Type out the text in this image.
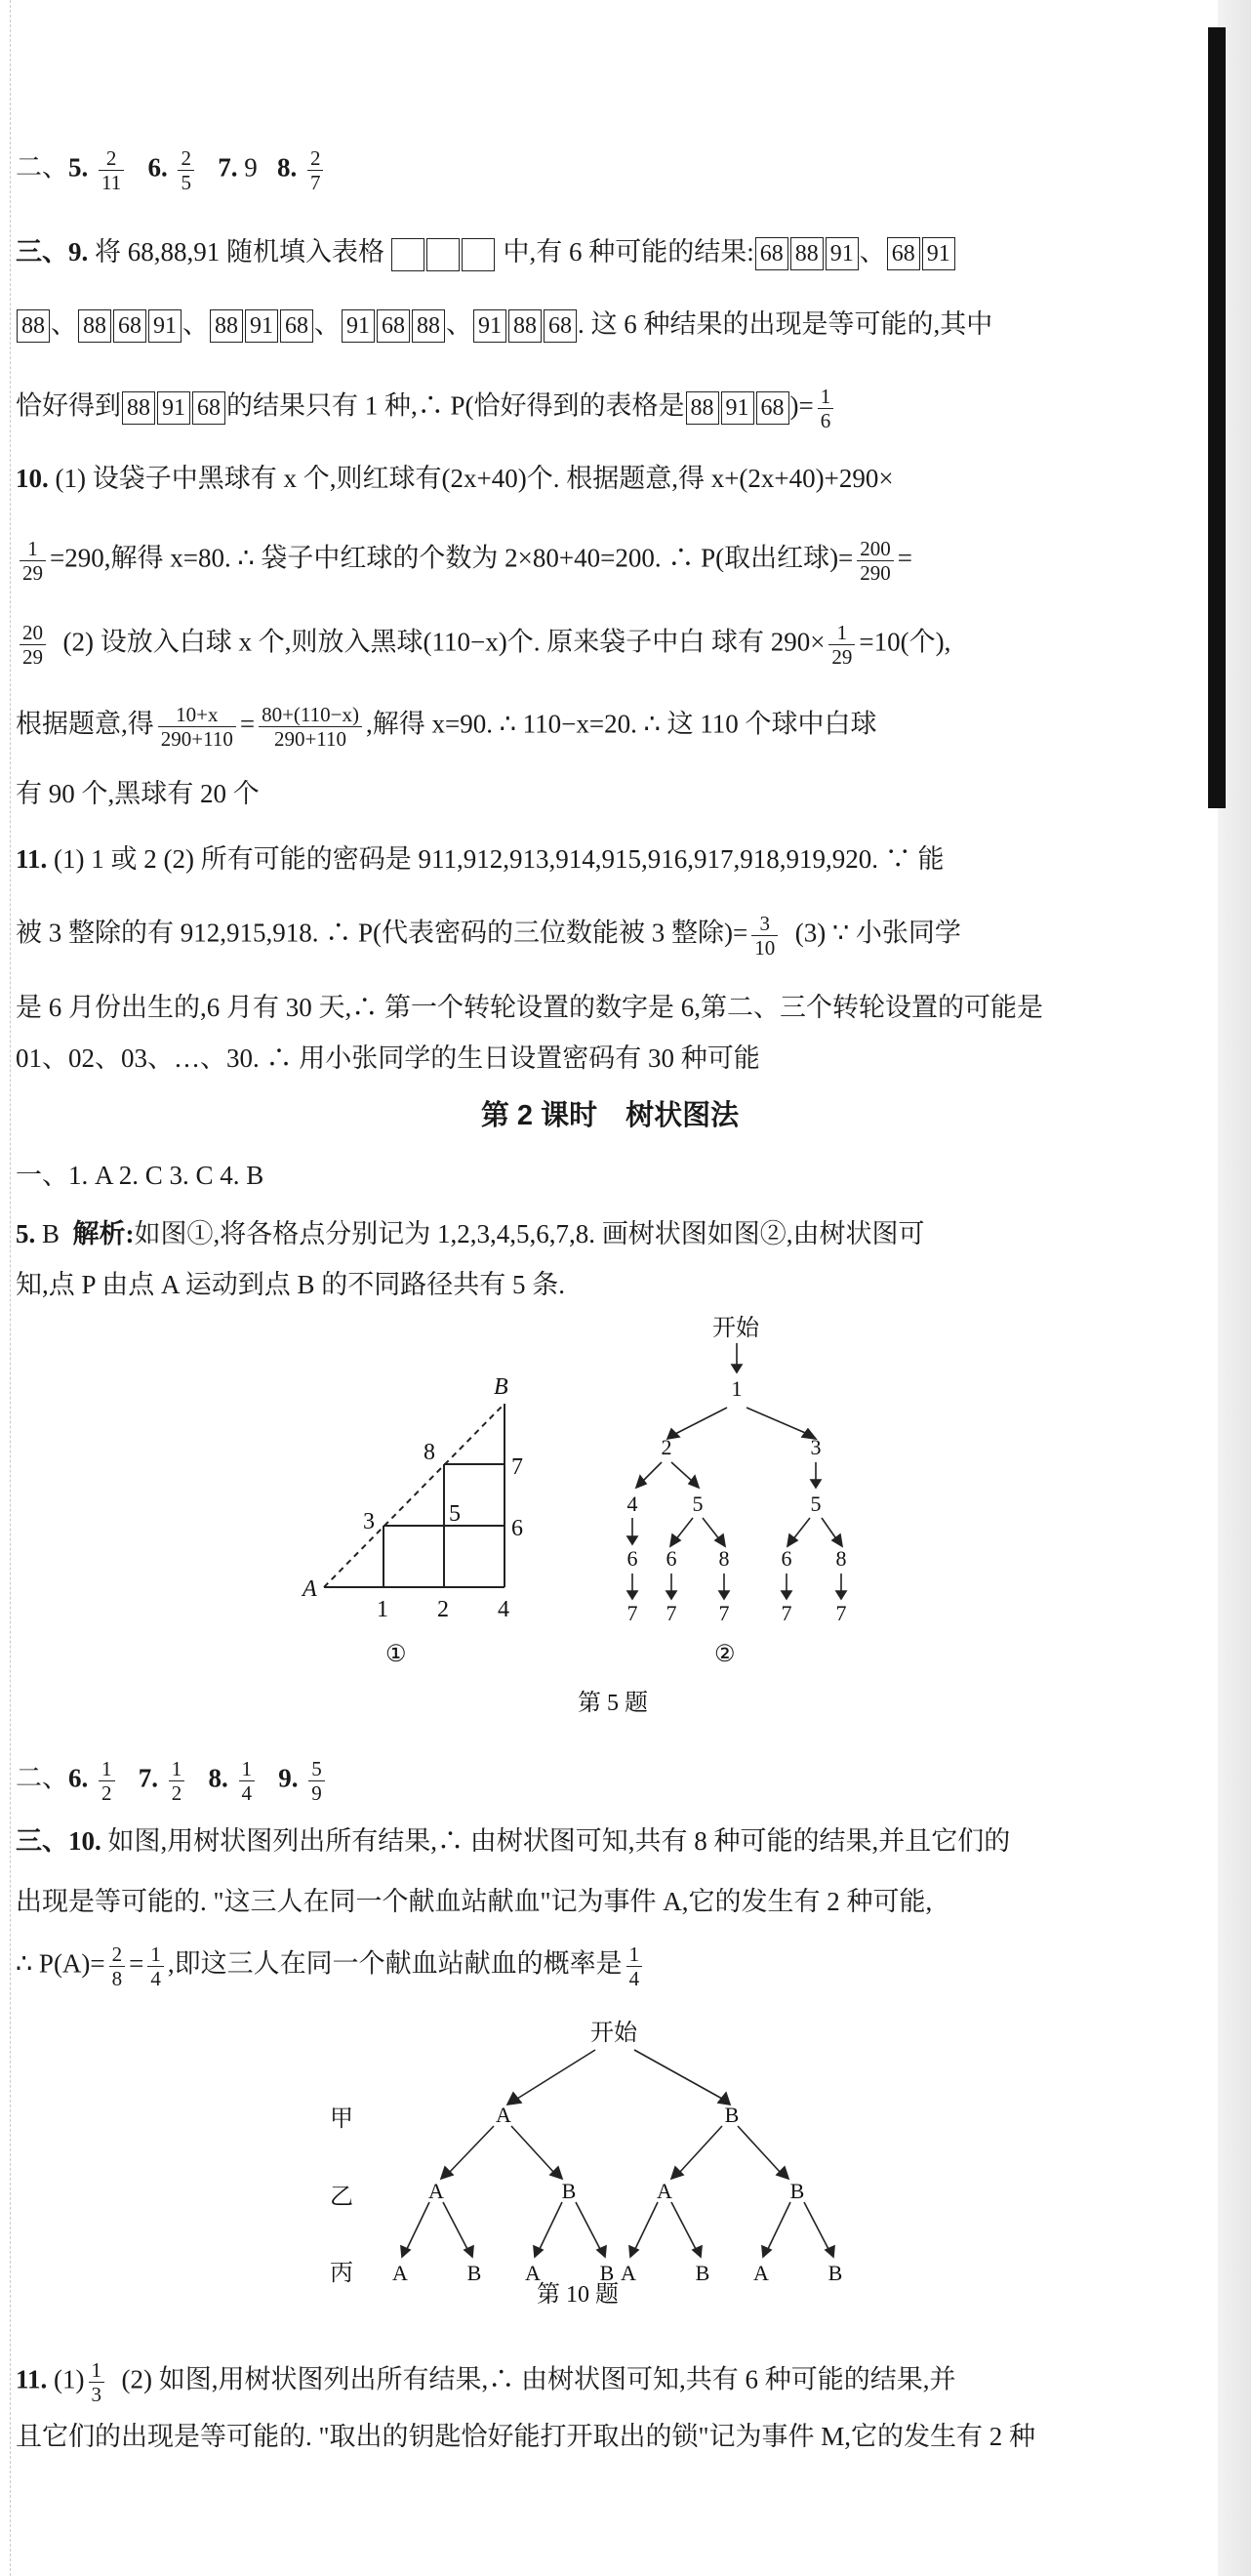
二、5. $\frac{2}{11} 6$. $\frac{2}{5} 7$. 9 8. $\frac{2}{7}$
三、9. 将 68,88,91 随机填入表格	中,有 6 种可能的结果: 68 88 91 、 68 91
88 、 88 68 91 、 88 91 68 、 91 68 88 、 91 88 68 . 这 6 种结果的出现是等可能的,其中
恰好得到 88 91 68 的结果只有 1 种,∴ P(恰好得到的表格是 88 91 68 )= $\frac{1}{6}$
10. (1) 设袋子中黑球有 x 个,则红球有(2x+40)个. 根据题意,得 x+(2x+40)+290×
$\frac{1}{29} =290$,解得 x=80. ∴ 袋子中红球的个数为 2×80+40=200. ∴ P(取出红球)= $\frac{200}{290}$ =
$\frac{20}{29} (2)$ 设放入白球 x 个,则放入黑球(110−x)个. 原来袋子中白 球有 $290\times \frac{1}{29} =10$(个),
根据题意,得 $\frac{10+x}{290+110} = \frac{80+(110-x)}{290+110}$ ,解得 x=90. ∴ 110−x=20. ∴ 这 110 个球中白球
有 90 个,黑球有 20 个
11. (1) 1 或 2 (2) 所有可能的密码是 911,912,913,914,915,916,917,918,919,920. ∵ 能
被 3 整除的有 912,915,918. ∴ P(代表密码的三位数能被 3 整除)= $\frac{3}{10} (3)$ ∵ 小张同学
是 6 月份出生的,6 月有 30 天,∴ 第一个转轮设置的数字是 6,第二、三个转轮设置的可能是
01、02、03、…、30. ∴ 用小张同学的生日设置密码有 30 种可能
第 2 课时　树状图法
一、1. A 2. C 3. C 4. B
5. B 解析:如图①,将各格点分别记为 1,2,3,4,5,6,7,8. 画树状图如图②,由树状图可
知,点 P 由点 A 运动到点 B 的不同路径共有 5 条.
A
B
1 2 4
3	5
6
7
8
①	②
开始
1
2	3
4	5	5
6 6 8 6 8
7 7 7 7 7
第 5 题
二、6. $\frac{1}{2} 7$. $\frac{1}{2} 8$. $\frac{1}{4} 9$. $\frac{5}{9}$
三、10. 如图,用树状图列出所有结果,∴ 由树状图可知,共有 8 种可能的结果,并且它们的
出现是等可能的. "这三人在同一个献血站献血"记为事件 A,它的发生有 2 种可能,
∴ $P(A)= \frac{2}{8} = \frac{1}{4}$ ,即这三人在同一个献血站献血的概率是 $\frac{1}{4}$
开始
甲
乙
丙
A	B
A	B	A	B
A	B A	B A	B A	B
第 10 题
11. $(1) \frac{1}{3} (2)$ 如图,用树状图列出所有结果,∴ 由树状图可知,共有 6 种可能的结果,并
且它们的出现是等可能的. "取出的钥匙恰好能打开取出的锁"记为事件 M,它的发生有 2 种
